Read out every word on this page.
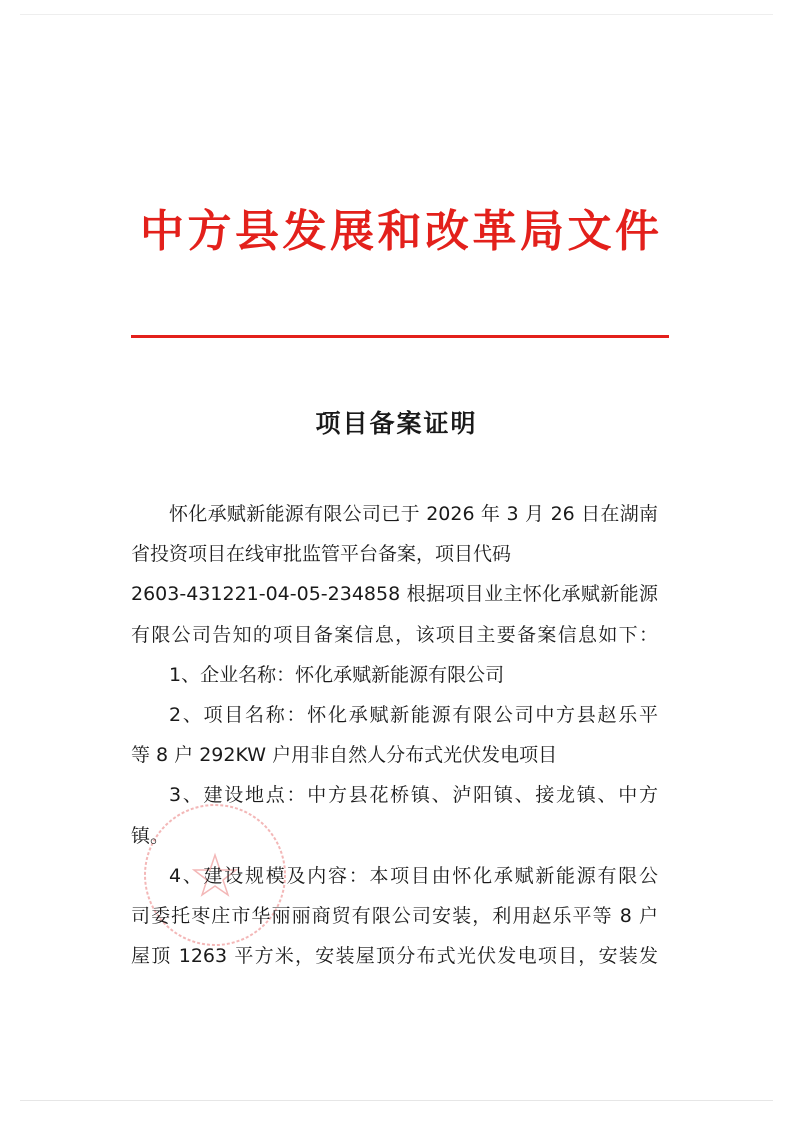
中方县发展和改革局文件
项目备案证明
怀化承赋新能源有限公司已于 2026 年 3 月 26 日在湖南
省投资项目在线审批监管平台备案，项目代码
2603-431221-04-05-234858 根据项目业主怀化承赋新能源
有限公司告知的项目备案信息，该项目主要备案信息如下：
1、企业名称：怀化承赋新能源有限公司
2、项目名称：怀化承赋新能源有限公司中方县赵乐平
等 8 户 292KW 户用非自然人分布式光伏发电项目
3、建设地点：中方县花桥镇、泸阳镇、接龙镇、中方
镇。
4、建设规模及内容：本项目由怀化承赋新能源有限公
司委托枣庄市华丽丽商贸有限公司安装，利用赵乐平等 8 户
屋顶 1263 平方米，安装屋顶分布式光伏发电项目，安装发
